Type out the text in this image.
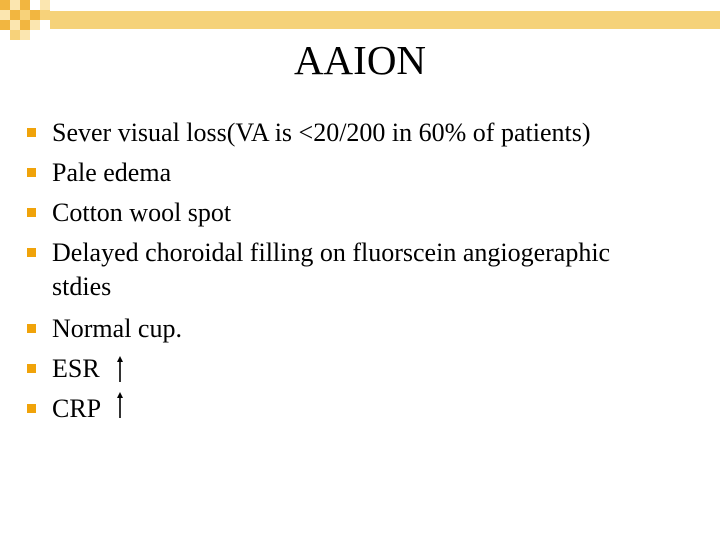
AAION
Sever visual loss(VA is <20/200 in 60% of patients)
Pale edema
Cotton wool spot
Delayed choroidal filling on fluorscein angiogeraphic
stdies
Normal cup.
ESR
CRP
